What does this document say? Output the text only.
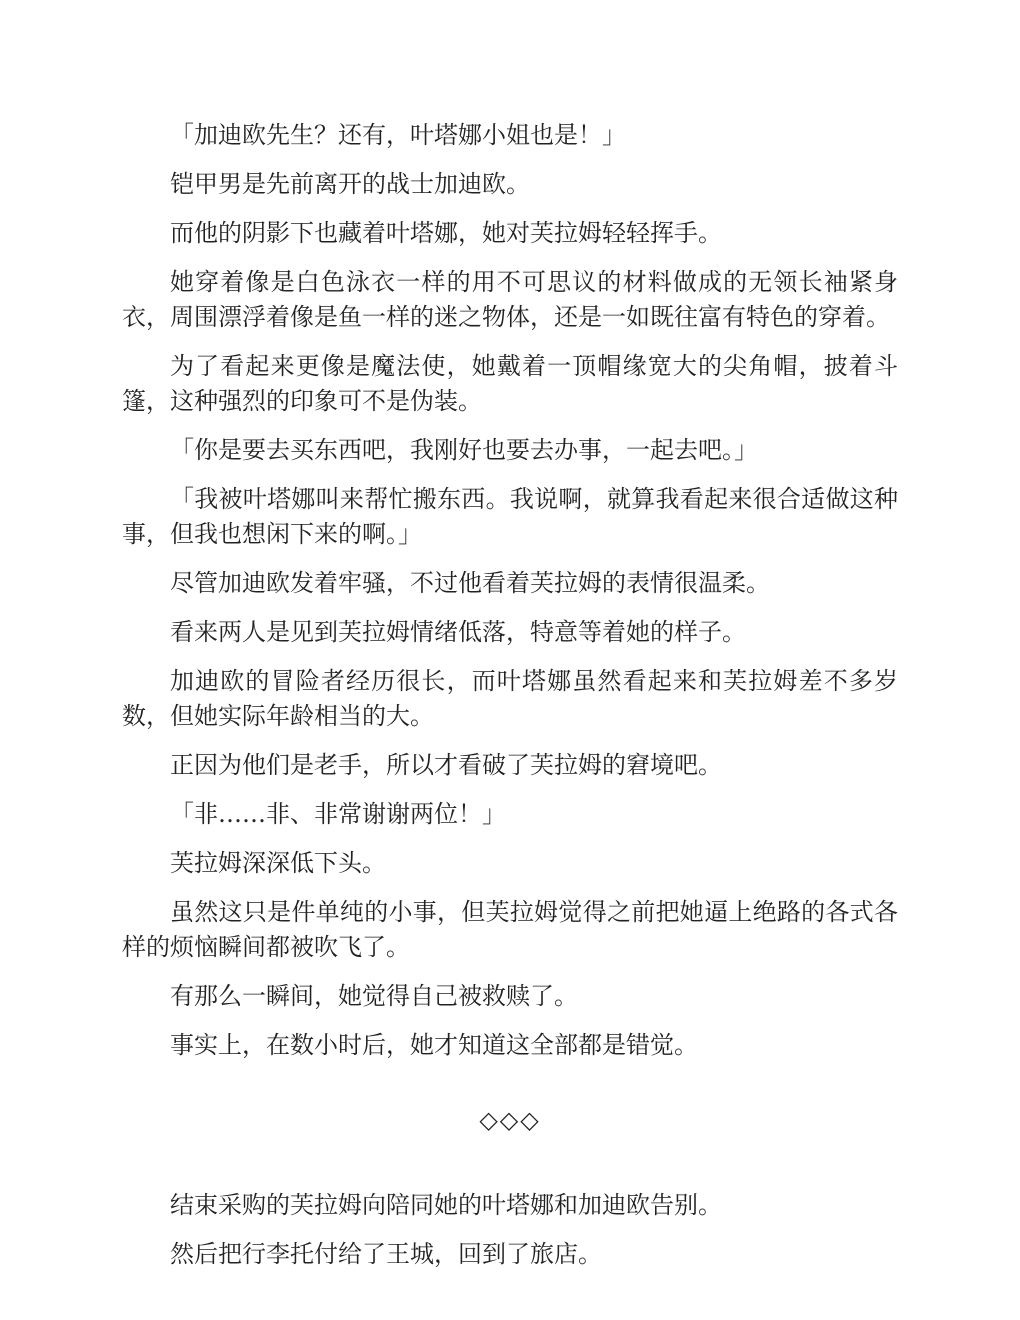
「加迪欧先生？还有，叶塔娜小姐也是！」

铠甲男是先前离开的战士加迪欧。

而他的阴影下也藏着叶塔娜，她对芙拉姆轻轻挥手。

她穿着像是白色泳衣一样的用不可思议的材料做成的无领长袖紧身衣，周围漂浮着像是鱼一样的迷之物体，还是一如既往富有特色的穿着。

为了看起来更像是魔法使，她戴着一顶帽缘宽大的尖角帽，披着斗篷，这种强烈的印象可不是伪装。

「你是要去买东西吧，我刚好也要去办事，一起去吧。」

「我被叶塔娜叫来帮忙搬东西。我说啊，就算我看起来很合适做这种事，但我也想闲下来的啊。」

尽管加迪欧发着牢骚，不过他看着芙拉姆的表情很温柔。

看来两人是见到芙拉姆情绪低落，特意等着她的样子。

加迪欧的冒险者经历很长，而叶塔娜虽然看起来和芙拉姆差不多岁数，但她实际年龄相当的大。

正因为他们是老手，所以才看破了芙拉姆的窘境吧。

「非……非、非常谢谢两位！」

芙拉姆深深低下头。

虽然这只是件单纯的小事，但芙拉姆觉得之前把她逼上绝路的各式各样的烦恼瞬间都被吹飞了。

有那么一瞬间，她觉得自己被救赎了。

事实上，在数小时后，她才知道这全部都是错觉。

◇◇◇

结束采购的芙拉姆向陪同她的叶塔娜和加迪欧告别。

然后把行李托付给了王城，回到了旅店。
